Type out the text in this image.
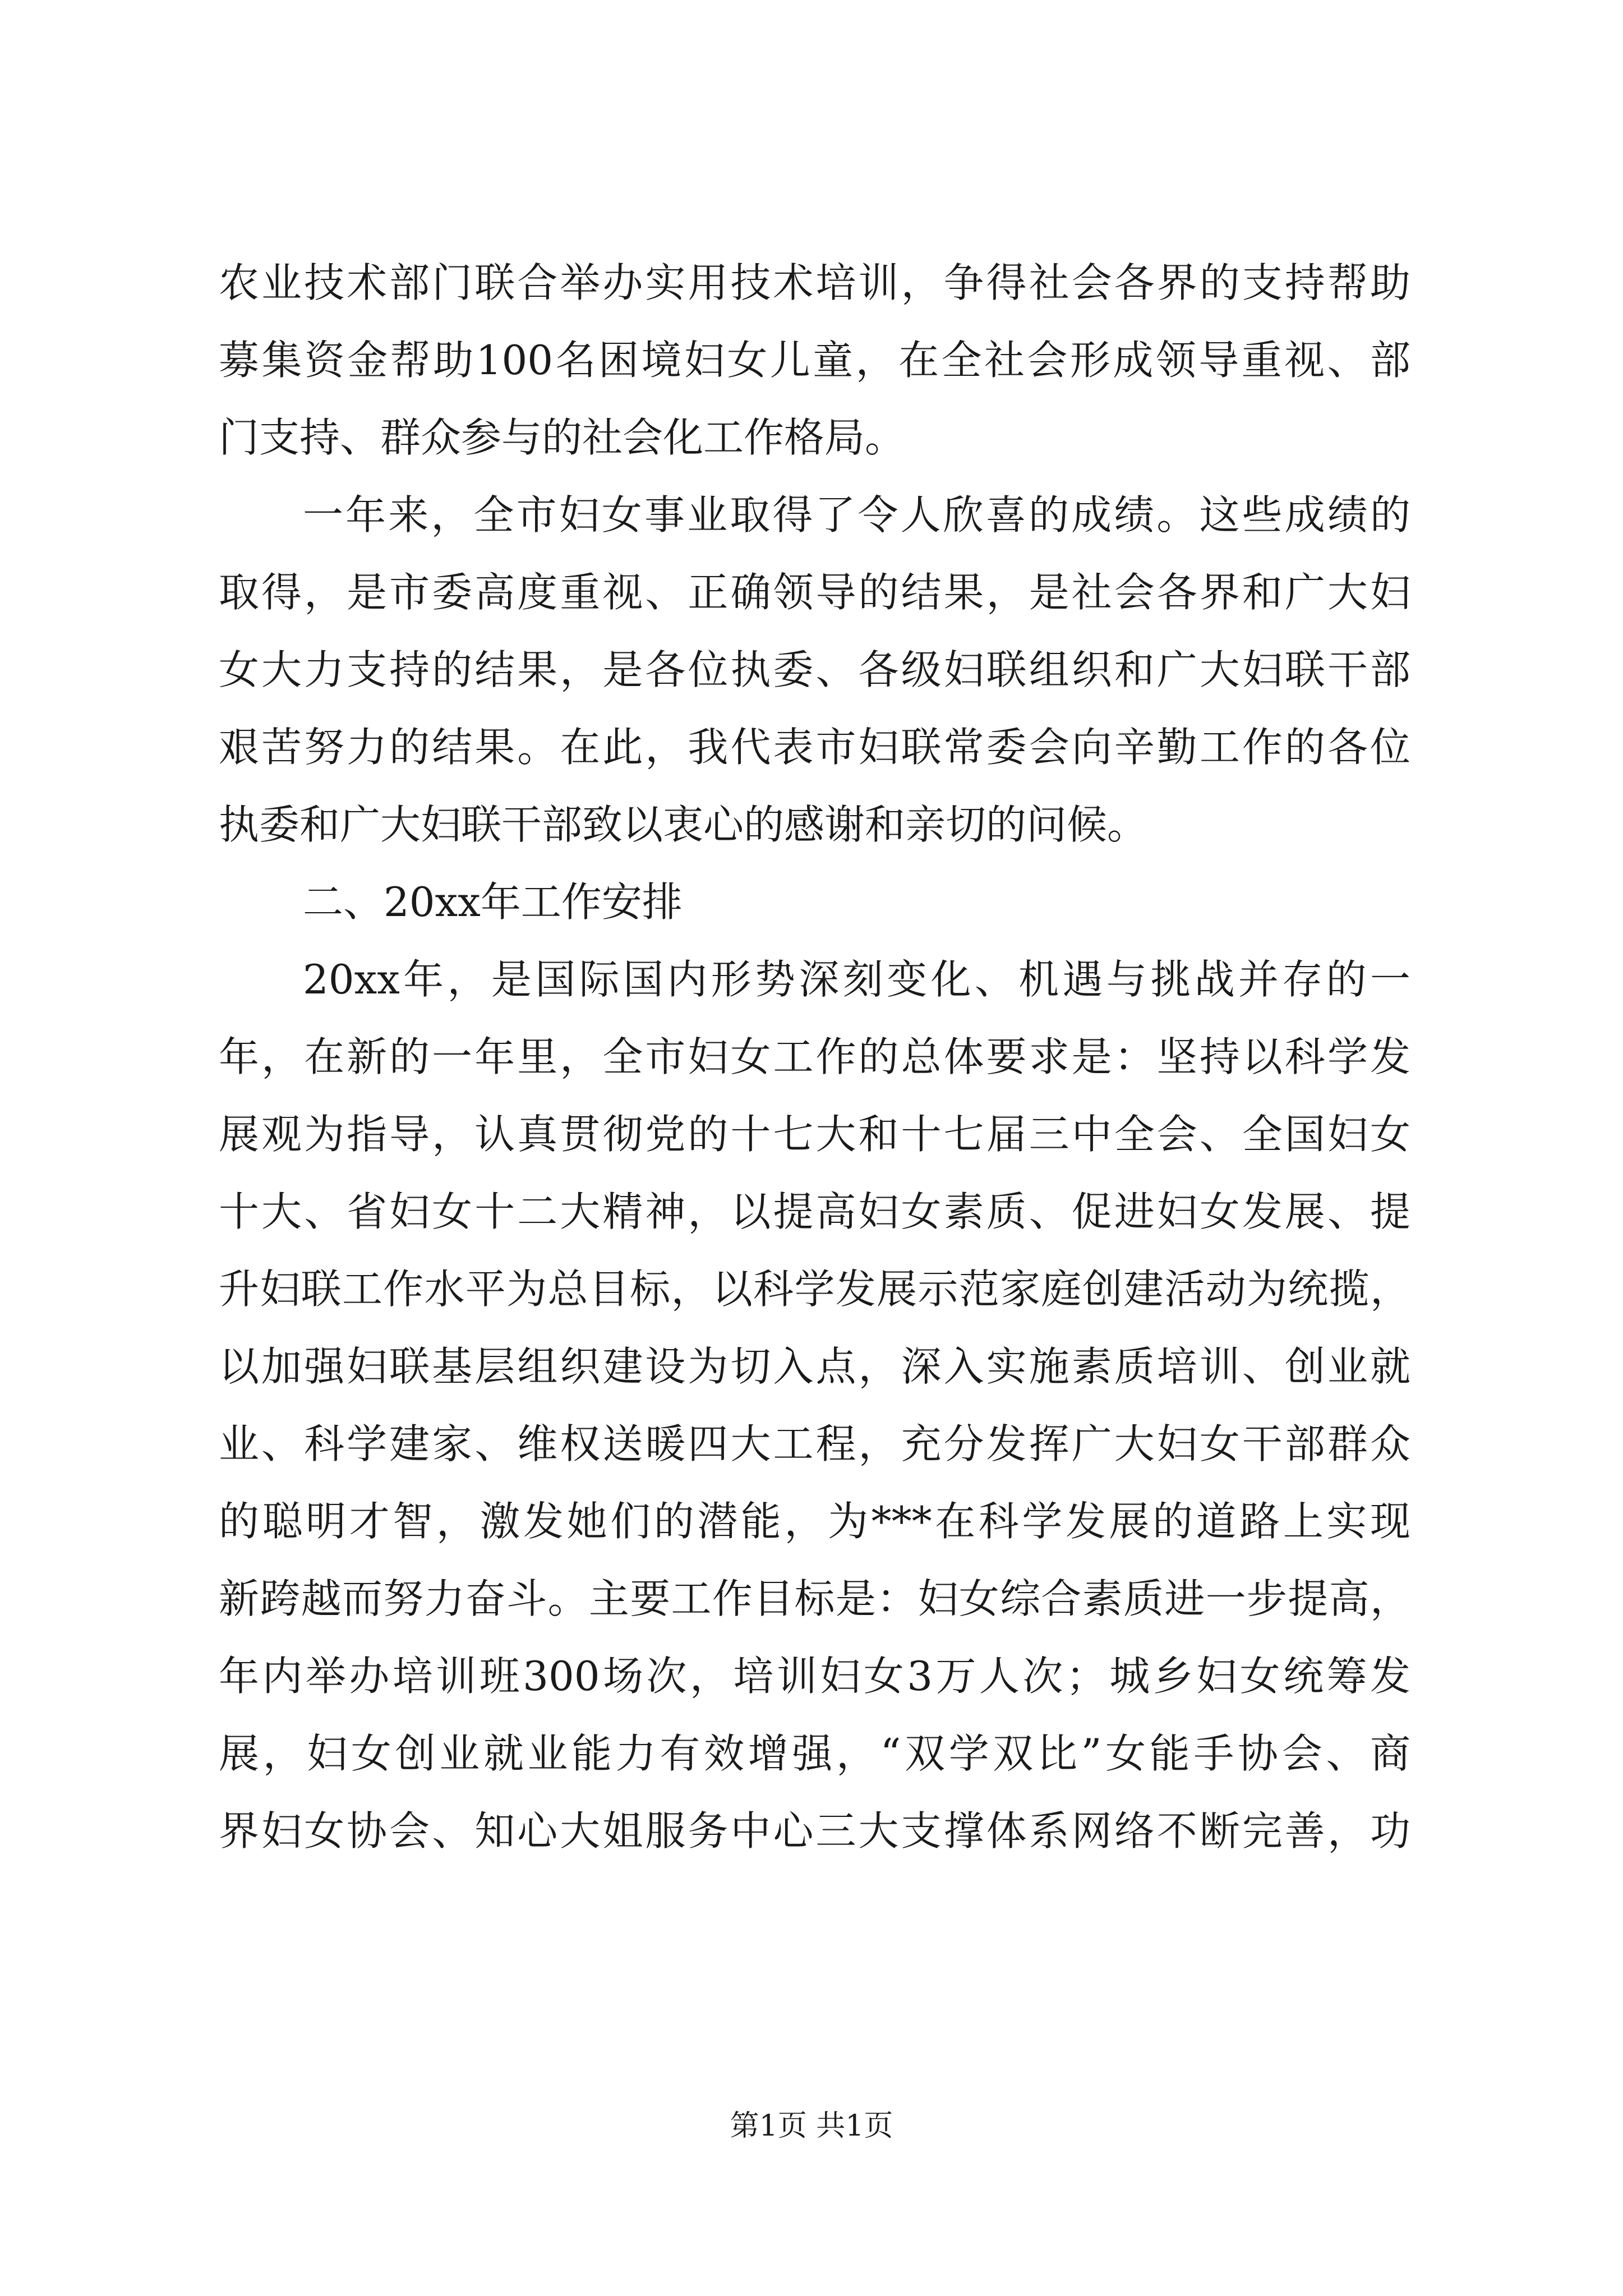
农业技术部门联合举办实用技术培训，争得社会各界的支持帮助
募集资金帮助100名困境妇女儿童，在全社会形成领导重视、部
门支持、群众参与的社会化工作格局。
一年来，全市妇女事业取得了令人欣喜的成绩。这些成绩的
取得，是市委高度重视、正确领导的结果，是社会各界和广大妇
女大力支持的结果，是各位执委、各级妇联组织和广大妇联干部
艰苦努力的结果。在此，我代表市妇联常委会向辛勤工作的各位
执委和广大妇联干部致以衷心的感谢和亲切的问候。
二、20xx年工作安排
20xx年，是国际国内形势深刻变化、机遇与挑战并存的一
年，在新的一年里，全市妇女工作的总体要求是：坚持以科学发
展观为指导，认真贯彻党的十七大和十七届三中全会、全国妇女
十大、省妇女十二大精神，以提高妇女素质、促进妇女发展、提
升妇联工作水平为总目标，以科学发展示范家庭创建活动为统揽，
以加强妇联基层组织建设为切入点，深入实施素质培训、创业就
业、科学建家、维权送暖四大工程，充分发挥广大妇女干部群众
的聪明才智，激发她们的潜能，为***在科学发展的道路上实现
新跨越而努力奋斗。主要工作目标是：妇女综合素质进一步提高，
年内举办培训班300场次，培训妇女3万人次；城乡妇女统筹发
展，妇女创业就业能力有效增强，“双学双比”女能手协会、商
界妇女协会、知心大姐服务中心三大支撑体系网络不断完善，功
第1页 共1页
